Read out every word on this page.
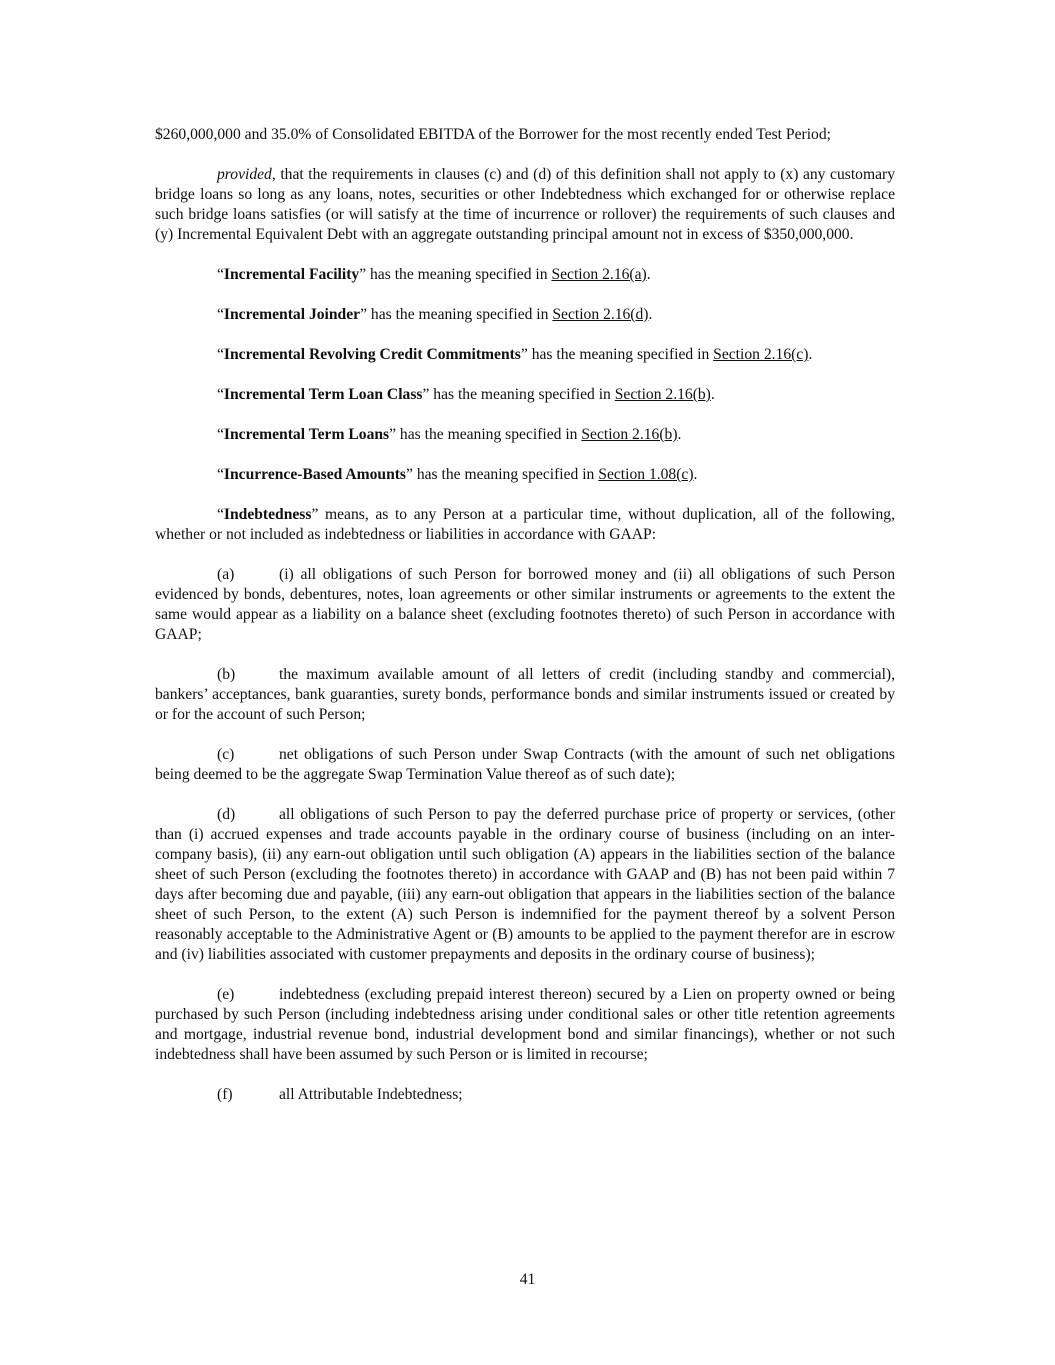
$260,000,000 and 35.0% of Consolidated EBITDA of the Borrower for the most recently ended Test Period;

provided, that the requirements in clauses (c) and (d) of this definition shall not apply to (x) any customary bridge loans so long as any loans, notes, securities or other Indebtedness which exchanged for or otherwise replace such bridge loans satisfies (or will satisfy at the time of incurrence or rollover) the requirements of such clauses and (y) Incremental Equivalent Debt with an aggregate outstanding principal amount not in excess of $350,000,000.

“Incremental Facility” has the meaning specified in Section 2.16(a).

“Incremental Joinder” has the meaning specified in Section 2.16(d).

“Incremental Revolving Credit Commitments” has the meaning specified in Section 2.16(c).

“Incremental Term Loan Class” has the meaning specified in Section 2.16(b).

“Incremental Term Loans” has the meaning specified in Section 2.16(b).

“Incurrence-Based Amounts” has the meaning specified in Section 1.08(c).

“Indebtedness” means, as to any Person at a particular time, without duplication, all of the following, whether or not included as indebtedness or liabilities in accordance with GAAP:

(a)	(i) all obligations of such Person for borrowed money and (ii) all obligations of such Person evidenced by bonds, debentures, notes, loan agreements or other similar instruments or agreements to the extent the same would appear as a liability on a balance sheet (excluding footnotes thereto) of such Person in accordance with GAAP;

(b)	the maximum available amount of all letters of credit (including standby and commercial), bankers’ acceptances, bank guaranties, surety bonds, performance bonds and similar instruments issued or created by or for the account of such Person;

(c)	net obligations of such Person under Swap Contracts (with the amount of such net obligations being deemed to be the aggregate Swap Termination Value thereof as of such date);

(d)	all obligations of such Person to pay the deferred purchase price of property or services, (other than (i) accrued expenses and trade accounts payable in the ordinary course of business (including on an inter-company basis), (ii) any earn-out obligation until such obligation (A) appears in the liabilities section of the balance sheet of such Person (excluding the footnotes thereto) in accordance with GAAP and (B) has not been paid within 7 days after becoming due and payable, (iii) any earn-out obligation that appears in the liabilities section of the balance sheet of such Person, to the extent (A) such Person is indemnified for the payment thereof by a solvent Person reasonably acceptable to the Administrative Agent or (B) amounts to be applied to the payment therefor are in escrow and (iv) liabilities associated with customer prepayments and deposits in the ordinary course of business);

(e)	indebtedness (excluding prepaid interest thereon) secured by a Lien on property owned or being purchased by such Person (including indebtedness arising under conditional sales or other title retention agreements and mortgage, industrial revenue bond, industrial development bond and similar financings), whether or not such indebtedness shall have been assumed by such Person or is limited in recourse;

(f)	all Attributable Indebtedness;

41
